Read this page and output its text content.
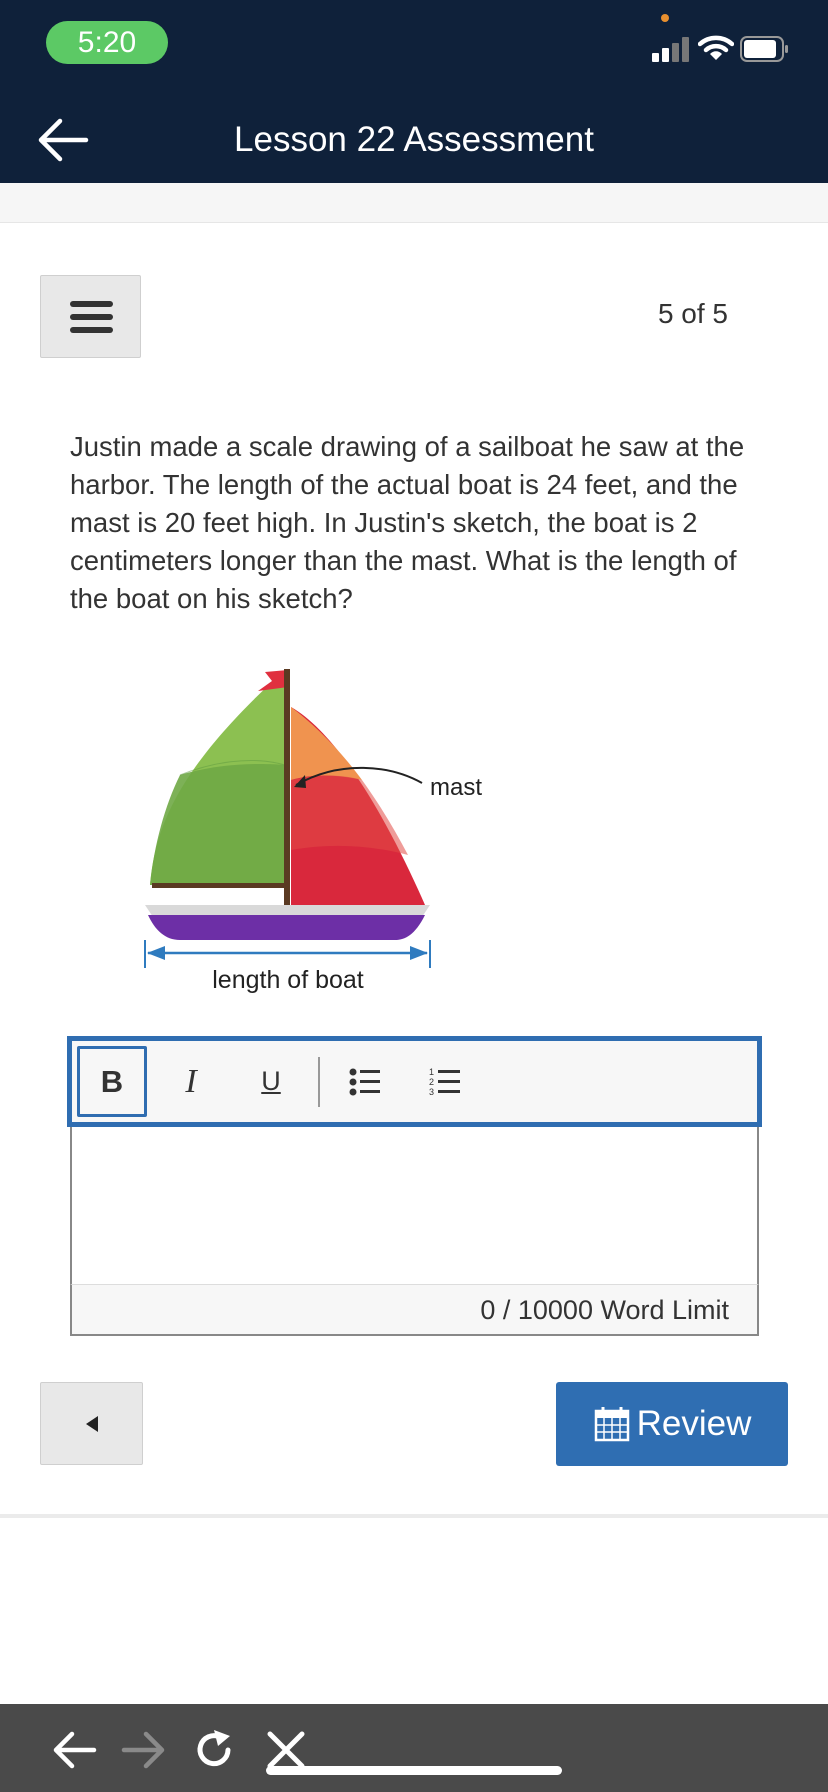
5:20
Lesson 22 Assessment
5 of 5
Justin made a scale drawing of a sailboat he saw at the harbor. The length of the actual boat is 24 feet, and the mast is 20 feet high. In Justin's sketch, the boat is 2 centimeters longer than the mast. What is the length of the boat on his sketch?
mast
length of boat
B	I	U	1
2
3
0 / 10000 Word Limit
Review
